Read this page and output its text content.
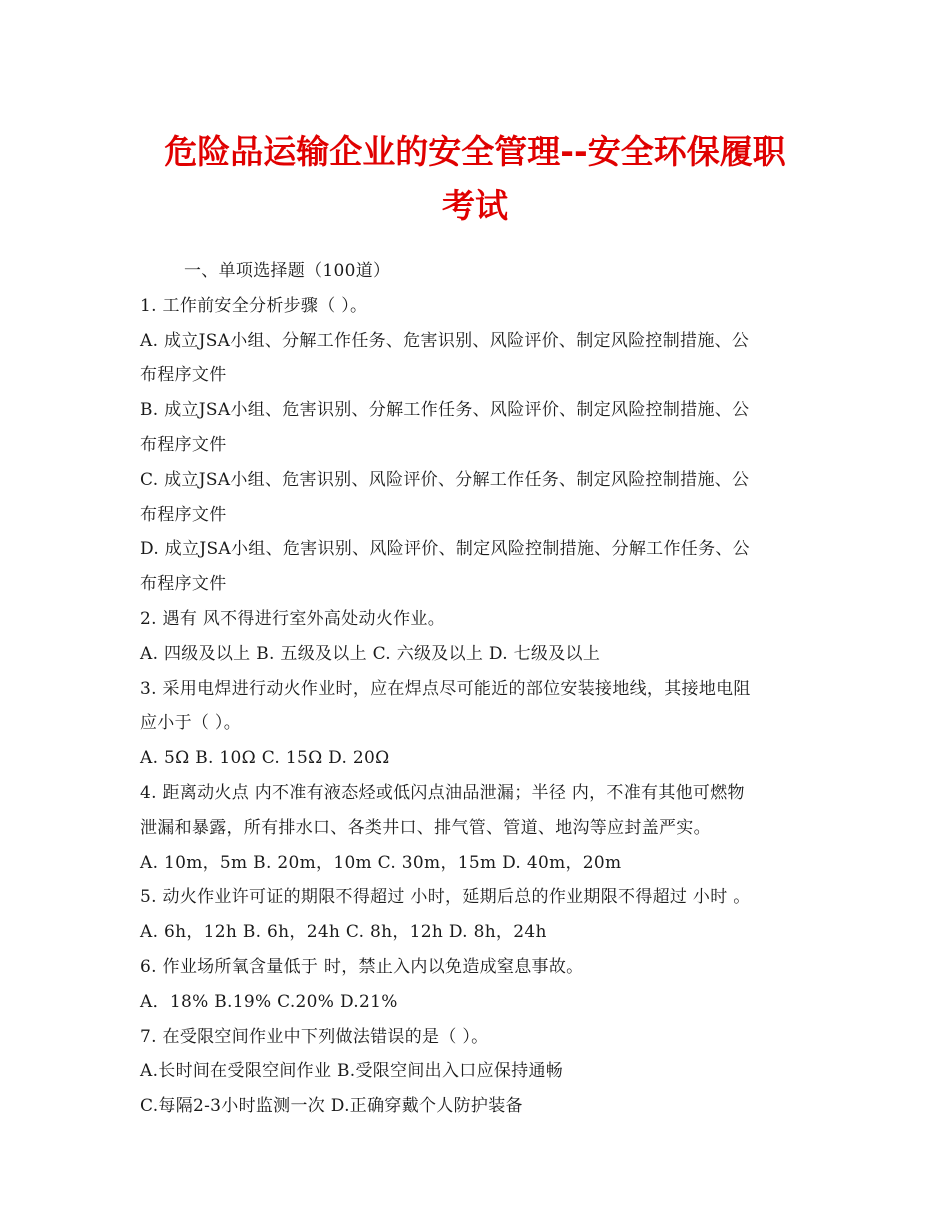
危险品运输企业的安全管理--安全环保履职
考试
一、单项选择题（100道）
1. 工作前安全分析步骤（ ）。
A. 成立JSA小组、分解工作任务、危害识别、风险评价、制定风险控制措施、公
布程序文件
B. 成立JSA小组、危害识别、分解工作任务、风险评价、制定风险控制措施、公
布程序文件
C. 成立JSA小组、危害识别、风险评价、分解工作任务、制定风险控制措施、公
布程序文件
D. 成立JSA小组、危害识别、风险评价、制定风险控制措施、分解工作任务、公
布程序文件
2. 遇有 风不得进行室外高处动火作业。
A. 四级及以上 B. 五级及以上 C. 六级及以上 D. 七级及以上
3. 采用电焊进行动火作业时，应在焊点尽可能近的部位安装接地线，其接地电阻
应小于（ ）。
A. 5Ω B. 10Ω C. 15Ω D. 20Ω
4. 距离动火点 内不准有液态烃或低闪点油品泄漏；半径 内，不准有其他可燃物
泄漏和暴露，所有排水口、各类井口、排气管、管道、地沟等应封盖严实。
A. 10m，5m B. 20m，10m C. 30m，15m D. 40m，20m
5. 动火作业许可证的期限不得超过 小时，延期后总的作业期限不得超过 小时 。
A. 6h，12h B. 6h，24h C. 8h，12h D. 8h，24h
6. 作业场所氧含量低于 时，禁止入内以免造成窒息事故。
A．18% B.19% C.20% D.21%
7. 在受限空间作业中下列做法错误的是（ ）。
A.长时间在受限空间作业 B.受限空间出入口应保持通畅
C.每隔2-3小时监测一次 D.正确穿戴个人防护装备
